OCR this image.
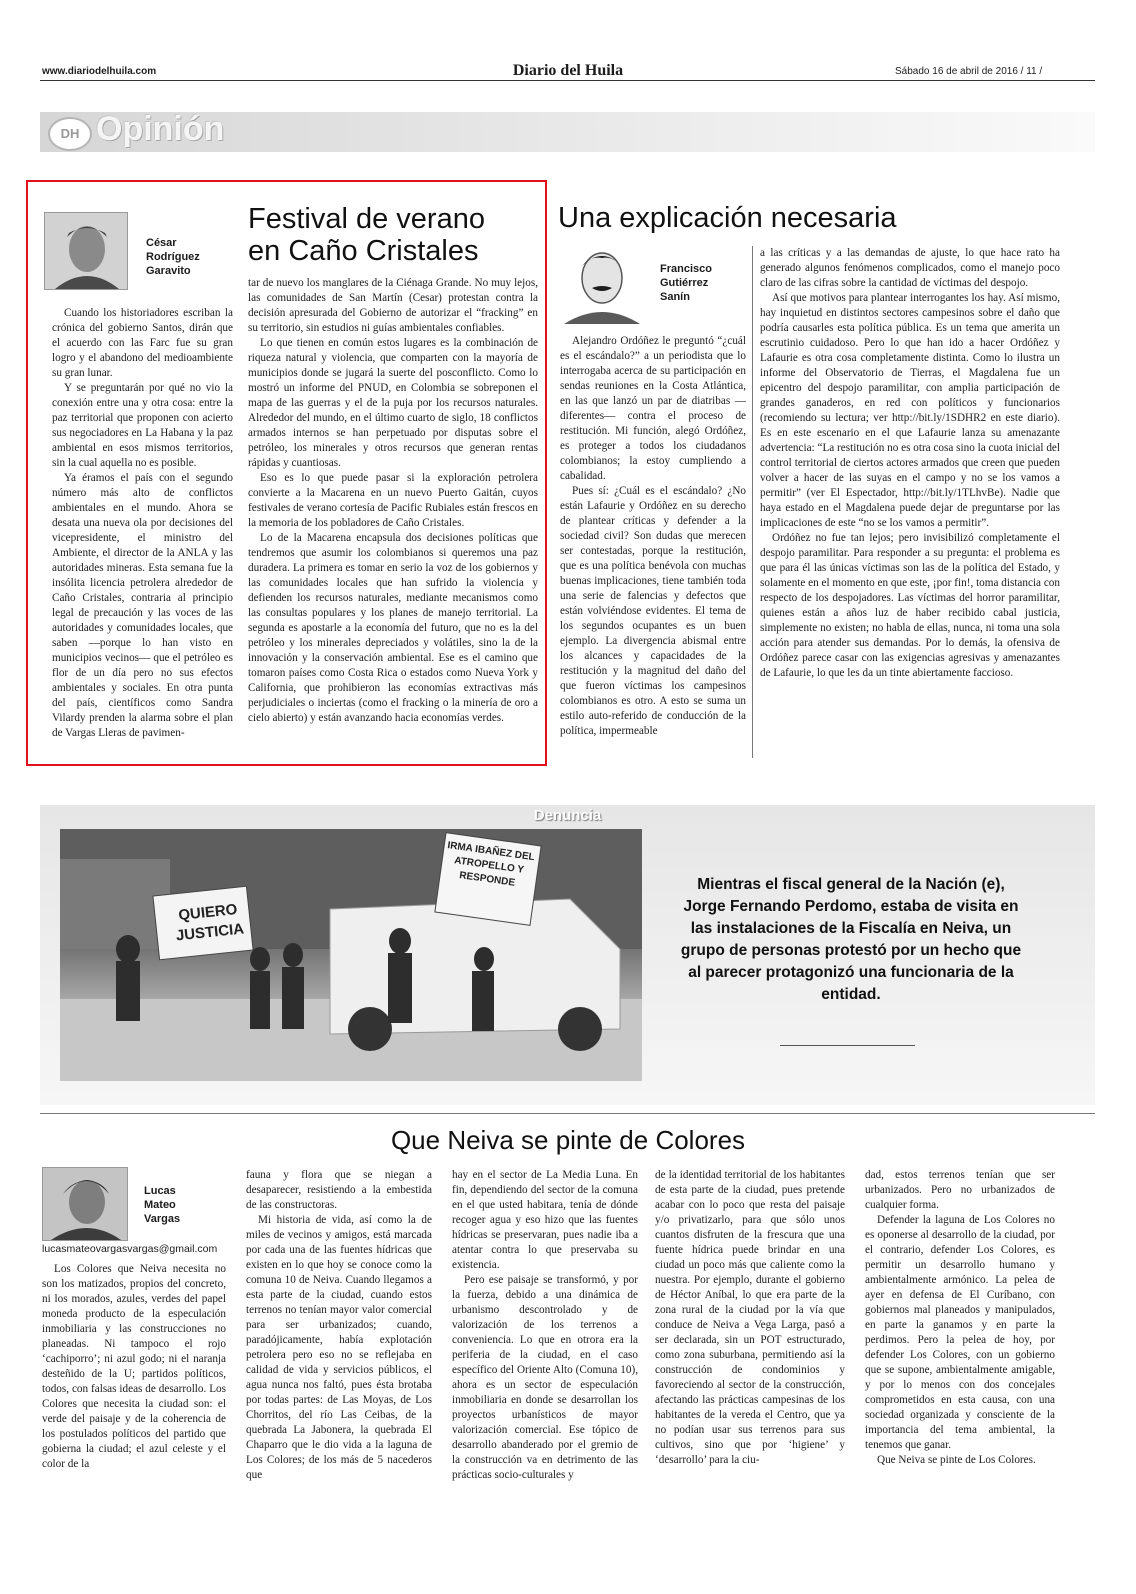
www.diariodelhuila.com	Diario del Huila	Sábado 16 de abril de 2016 / 11 /
DH Opinión
César
Rodríguez
Garavito
Festival de verano
en Caño Cristales

Cuando los historiadores escriban la crónica del gobierno Santos, dirán que el acuerdo con las Farc fue su gran logro y el abandono del medioambiente su gran lunar.

Y se preguntarán por qué no vio la conexión entre una y otra cosa: entre la paz territorial que proponen con acierto sus negociadores en La Habana y la paz ambiental en esos mismos territorios, sin la cual aquella no es posible.

Ya éramos el país con el segundo número más alto de conflictos ambientales en el mundo. Ahora se desata una nueva ola por decisiones del vicepresidente, el ministro del Ambiente, el director de la ANLA y las autoridades mineras. Esta semana fue la insólita licencia petrolera alrededor de Caño Cristales, contraria al principio legal de precaución y las voces de las autoridades y comunidades locales, que saben —porque lo han visto en municipios vecinos— que el petróleo es flor de un día pero no sus efectos ambientales y sociales. En otra punta del país, científicos como Sandra Vilardy prenden la alarma sobre el plan de Vargas Lleras de pavimen-

tar de nuevo los manglares de la Ciénaga Grande. No muy lejos, las comunidades de San Martín (Cesar) protestan contra la decisión apresurada del Gobierno de autorizar el “fracking” en su territorio, sin estudios ni guías ambientales confiables.

Lo que tienen en común estos lugares es la combinación de riqueza natural y violencia, que comparten con la mayoría de municipios donde se jugará la suerte del posconflicto. Como lo mostró un informe del PNUD, en Colombia se sobreponen el mapa de las guerras y el de la puja por los recursos naturales. Alrededor del mundo, en el último cuarto de siglo, 18 conflictos armados internos se han perpetuado por disputas sobre el petróleo, los minerales y otros recursos que generan rentas rápidas y cuantiosas.

Eso es lo que puede pasar si la exploración petrolera convierte a la Macarena en un nuevo Puerto Gaitán, cuyos festivales de verano cortesía de Pacific Rubiales están frescos en la memoria de los pobladores de Caño Cristales.

Lo de la Macarena encapsula dos decisiones políticas que tendremos que asumir los colombianos si queremos una paz duradera. La primera es tomar en serio la voz de los gobiernos y las comunidades locales que han sufrido la violencia y defienden los recursos naturales, mediante mecanismos como las consultas populares y los planes de manejo territorial. La segunda es apostarle a la economía del futuro, que no es la del petróleo y los minerales depreciados y volátiles, sino la de la innovación y la conservación ambiental. Ese es el camino que tomaron países como Costa Rica o estados como Nueva York y California, que prohibieron las economías extractivas más perjudiciales o inciertas (como el fracking o la minería de oro a cielo abierto) y están avanzando hacia economías verdes.

Una explicación necesaria
Francisco
Gutiérrez
Sanín

Alejandro Ordóñez le preguntó “¿cuál es el escándalo?” a un periodista que lo interrogaba acerca de su participación en sendas reuniones en la Costa Atlántica, en las que lanzó un par de diatribas —diferentes— contra el proceso de restitución. Mi función, alegó Ordóñez, es proteger a todos los ciudadanos colombianos; la estoy cumpliendo a cabalidad.

Pues sí: ¿Cuál es el escándalo? ¿No están Lafaurie y Ordóñez en su derecho de plantear críticas y defender a la sociedad civil? Son dudas que merecen ser contestadas, porque la restitución, que es una política benévola con muchas buenas implicaciones, tiene también toda una serie de falencias y defectos que están volviéndose evidentes. El tema de los segundos ocupantes es un buen ejemplo. La divergencia abismal entre los alcances y capacidades de la restitución y la magnitud del daño del que fueron víctimas los campesinos colombianos es otro. A esto se suma un estilo auto-referido de conducción de la política, impermeable

a las críticas y a las demandas de ajuste, lo que hace rato ha generado algunos fenómenos complicados, como el manejo poco claro de las cifras sobre la cantidad de víctimas del despojo.

Así que motivos para plantear interrogantes los hay. Así mismo, hay inquietud en distintos sectores campesinos sobre el daño que podría causarles esta política pública. Es un tema que amerita un escrutinio cuidadoso. Pero lo que han ido a hacer Ordóñez y Lafaurie es otra cosa completamente distinta. Como lo ilustra un informe del Observatorio de Tierras, el Magdalena fue un epicentro del despojo paramilitar, con amplia participación de grandes ganaderos, en red con políticos y funcionarios (recomiendo su lectura; ver http://bit.ly/1SDHR2 en este diario). Es en este escenario en el que Lafaurie lanza su amenazante advertencia: “La restitución no es otra cosa sino la cuota inicial del control territorial de ciertos actores armados que creen que pueden volver a hacer de las suyas en el campo y no se los vamos a permitir” (ver El Espectador, http://bit.ly/1TLhvBe). Nadie que haya estado en el Magdalena puede dejar de preguntarse por las implicaciones de este “no se los vamos a permitir”.

Ordóñez no fue tan lejos; pero invisibilizó completamente el despojo paramilitar. Para responder a su pregunta: el problema es que para él las únicas víctimas son las de la política del Estado, y solamente en el momento en que este, ¡por fin!, toma distancia con respecto de los despojadores. Las víctimas del horror paramilitar, quienes están a años luz de haber recibido cabal justicia, simplemente no existen; no habla de ellas, nunca, ni toma una sola acción para atender sus demandas. Por lo demás, la ofensiva de Ordóñez parece casar con las exigencias agresivas y amenazantes de Lafaurie, lo que les da un tinte abiertamente faccioso.

Denuncia
QUIERO JUSTICIA
IRMA IBAÑEZ DEL ATROPELLO Y RESPONDE	Mientras el fiscal general de la Nación (e), Jorge Fernando Perdomo, estaba de visita en las instalaciones de la Fiscalía en Neiva, un grupo de personas protestó por un hecho que al parecer protagonizó una funcionaria de la entidad.
Que Neiva se pinte de Colores
Lucas
Mateo
Vargas
lucasmateovargasvargas@gmail.com

Los Colores que Neiva necesita no son los matizados, propios del concreto, ni los morados, azules, verdes del papel moneda producto de la especulación inmobiliaria y las construcciones no planeadas. Ni tampoco el rojo ‘cachiporro’; ni azul godo; ni el naranja desteñido de la U; partidos políticos, todos, con falsas ideas de desarrollo. Los Colores que necesita la ciudad son: el verde del paisaje y de la coherencia de los postulados políticos del partido que gobierna la ciudad; el azul celeste y el color de la

fauna y flora que se niegan a desaparecer, resistiendo a la embestida de las constructoras.

Mi historia de vida, así como la de miles de vecinos y amigos, está marcada por cada una de las fuentes hídricas que existen en lo que hoy se conoce como la comuna 10 de Neiva. Cuando llegamos a esta parte de la ciudad, cuando estos terrenos no tenían mayor valor comercial para ser urbanizados; cuando, paradójicamente, había explotación petrolera pero eso no se reflejaba en calidad de vida y servicios públicos, el agua nunca nos faltó, pues ésta brotaba por todas partes: de Las Moyas, de Los Chorritos, del río Las Ceibas, de la quebrada La Jabonera, la quebrada El Chaparro que le dio vida a la laguna de Los Colores; de los más de 5 nacederos que

hay en el sector de La Media Luna. En fin, dependiendo del sector de la comuna en el que usted habitara, tenía de dónde recoger agua y eso hizo que las fuentes hídricas se preservaran, pues nadie iba a atentar contra lo que preservaba su existencia.

Pero ese paisaje se transformó, y por la fuerza, debido a una dinámica de urbanismo descontrolado y de valorización de los terrenos a conveniencia. Lo que en otrora era la periferia de la ciudad, en el caso específico del Oriente Alto (Comuna 10), ahora es un sector de especulación inmobiliaria en donde se desarrollan los proyectos urbanísticos de mayor valorización comercial. Ese tópico de desarrollo abanderado por el gremio de la construcción va en detrimento de las prácticas socio-culturales y

de la identidad territorial de los habitantes de esta parte de la ciudad, pues pretende acabar con lo poco que resta del paisaje y/o privatizarlo, para que sólo unos cuantos disfruten de la frescura que una fuente hídrica puede brindar en una ciudad un poco más que caliente como la nuestra. Por ejemplo, durante el gobierno de Héctor Aníbal, lo que era parte de la zona rural de la ciudad por la vía que conduce de Neiva a Vega Larga, pasó a ser declarada, sin un POT estructurado, como zona suburbana, permitiendo así la construcción de condominios y favoreciendo al sector de la construcción, afectando las prácticas campesinas de los habitantes de la vereda el Centro, que ya no podían usar sus terrenos para sus cultivos, sino que por ‘higiene’ y ‘desarrollo’ para la ciu-

dad, estos terrenos tenían que ser urbanizados. Pero no urbanizados de cualquier forma.

Defender la laguna de Los Colores no es oponerse al desarrollo de la ciudad, por el contrario, defender Los Colores, es permitir un desarrollo humano y ambientalmente armónico. La pelea de ayer en defensa de El Curíbano, con gobiernos mal planeados y manipulados, en parte la ganamos y en parte la perdimos. Pero la pelea de hoy, por defender Los Colores, con un gobierno que se supone, ambientalmente amigable, y por lo menos con dos concejales comprometidos en esta causa, con una sociedad organizada y consciente de la importancia del tema ambiental, la tenemos que ganar.

Que Neiva se pinte de Los Colores.
